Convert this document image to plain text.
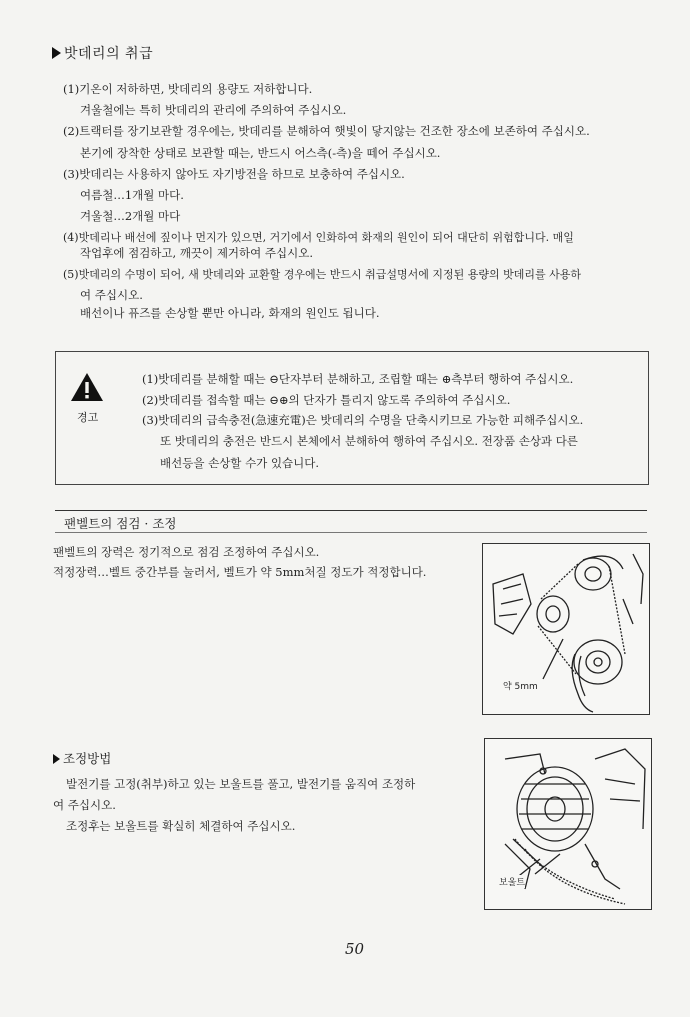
밧데리의 취급
(1)기온이 저하하면, 밧데리의 용량도 저하합니다.
겨울철에는 특히 밧데리의 관리에 주의하여 주십시오.
(2)트랙터를 장기보관할 경우에는, 밧데리를 분해하여 햇빛이 닿지않는 건조한 장소에 보존하여 주십시오.
본기에 장착한 상태로 보관할 때는, 반드시 어스측(-측)을 떼어 주십시오.
(3)밧데리는 사용하지 않아도 자기방전을 하므로 보충하여 주십시오.
여름철…1개월 마다.
겨울철…2개월 마다
(4)밧데리나 배선에 짚이나 먼지가 있으면, 거기에서 인화하여 화재의 원인이 되어 대단히 위험합니다. 매일
작업후에 점검하고, 깨끗이 제거하여 주십시오.
(5)밧데리의 수명이 되어, 새 밧데리와 교환할 경우에는 반드시 취급설명서에 지정된 용량의 밧데리를 사용하
여 주십시오.
배선이나 퓨즈를 손상할 뿐만 아니라, 화재의 원인도 됩니다.
경고
(1)밧데리를 분해할 때는 ⊖단자부터 분해하고, 조립할 때는 ⊕측부터 행하여 주십시오.
(2)밧데리를 접속할 때는 ⊖⊕의 단자가 틀리지 않도록 주의하여 주십시오.
(3)밧데리의 급속충전(急速充電)은 밧데리의 수명을 단축시키므로 가능한 피해주십시오.
또 밧데리의 충전은 반드시 본체에서 분해하여 행하여 주십시오. 전장품 손상과 다른
배선등을 손상할 수가 있습니다.
팬벨트의 점검 · 조정
팬벨트의 장력은 정기적으로 점검 조정하여 주십시오.
적정장력…벨트 중간부를 눌러서, 벨트가 약 5mm처질 정도가 적정합니다.
약 5mm
조정방법
발전기를 고정(취부)하고 있는 보울트를 풀고, 발전기를 움직여 조정하
여 주십시오.
조정후는 보울트를 확실히 체결하여 주십시오.
보울트
50
